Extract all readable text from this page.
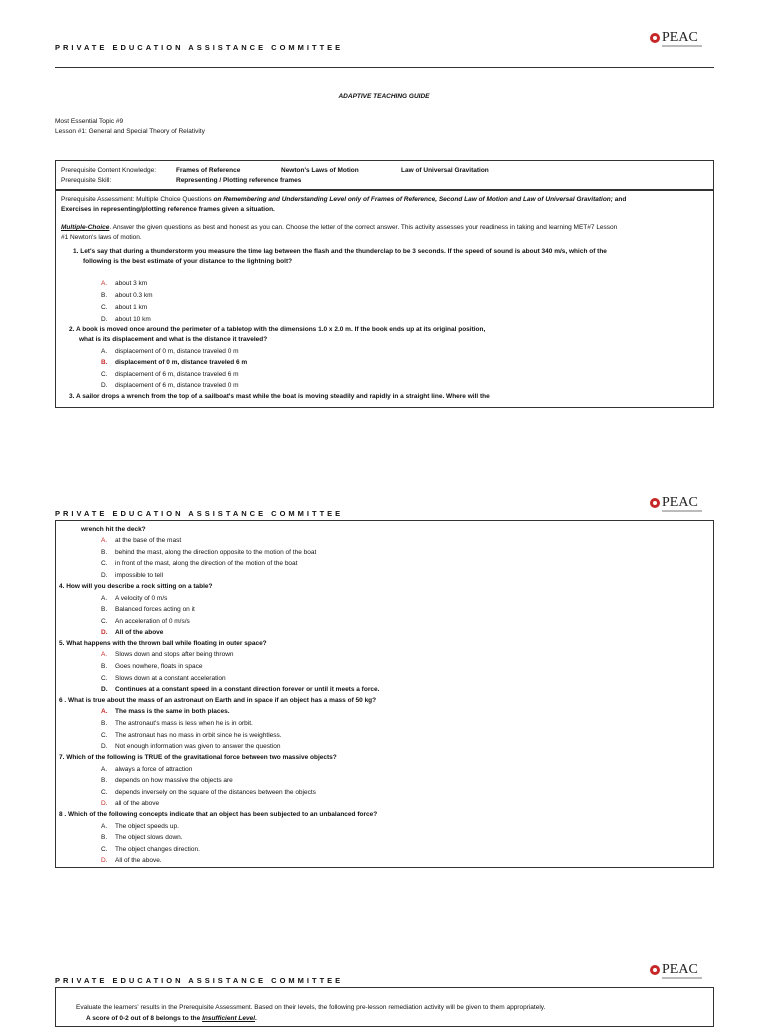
PRIVATE EDUCATION ASSISTANCE COMMITTEE
PEAC
ADAPTIVE TEACHING GUIDE
Most Essential Topic #9
Lesson #1: General and Special Theory of Relativity
Prerequisite Content Knowledge:	Frames of Reference	Newton's Laws of Motion	Law of Universal Gravitation
Prerequisite Skill:	Representing / Plotting reference frames
Prerequisite Assessment: Multiple Choice Questions on Remembering and Understanding Level only of Frames of Reference, Second Law of Motion and Law of Universal Gravitation; and
Exercises in representing/plotting reference frames given a situation.
Multiple-Choice. Answer the given questions as best and honest as you can. Choose the letter of the correct answer. This activity assesses your readiness in taking and learning MET#7 Lesson
#1 Newton's laws of motion.
1. Let's say that during a thunderstorm you measure the time lag between the flash and the thunderclap to be 3 seconds. If the speed of sound is about 340 m/s, which of the
following is the best estimate of your distance to the lightning bolt?
A. about 3 km
B. about 0.3 km
C. about 1 km
D. about 10 km
2. A book is moved once around the perimeter of a tabletop with the dimensions 1.0 x 2.0 m. If the book ends up at its original position,
what is its displacement and what is the distance it traveled?
A. displacement of 0 m, distance traveled 0 m
B. displacement of 0 m, distance traveled 6 m
C. displacement of 6 m, distance traveled 6 m
D. displacement of 6 m, distance traveled 0 m
3. A sailor drops a wrench from the top of a sailboat's mast while the boat is moving steadily and rapidly in a straight line. Where will the
PRIVATE EDUCATION ASSISTANCE COMMITTEE
PEAC
wrench hit the deck?
A. at the base of the mast
B. behind the mast, along the direction opposite to the motion of the boat
C. in front of the mast, along the direction of the motion of the boat
D. impossible to tell
4. How will you describe a rock sitting on a table?
A. A velocity of 0 m/s
B. Balanced forces acting on it
C. An acceleration of 0 m/s/s
D. All of the above
5. What happens with the thrown ball while floating in outer space?
A. Slows down and stops after being thrown
B. Goes nowhere, floats in space
C. Slows down at a constant acceleration
D. Continues at a constant speed in a constant direction forever or until it meets a force.
6 . What is true about the mass of an astronaut on Earth and in space if an object has a mass of 50 kg?
A. The mass is the same in both places.
B. The astronaut's mass is less when he is in orbit.
C. The astronaut has no mass in orbit since he is weightless.
D. Not enough information was given to answer the question
7. Which of the following is TRUE of the gravitational force between two massive objects?
A. always a force of attraction
B. depends on how massive the objects are
C. depends inversely on the square of the distances between the objects
D. all of the above
8 . Which of the following concepts indicate that an object has been subjected to an unbalanced force?
A. The object speeds up.
B. The object slows down.
C. The object changes direction.
D. All of the above.
PRIVATE EDUCATION ASSISTANCE COMMITTEE
PEAC
Evaluate the learners' results in the Prerequisite Assessment. Based on their levels, the following pre-lesson remediation activity will be given to them appropriately.
A score of 0-2 out of 8 belongs to the Insufficient Level.
